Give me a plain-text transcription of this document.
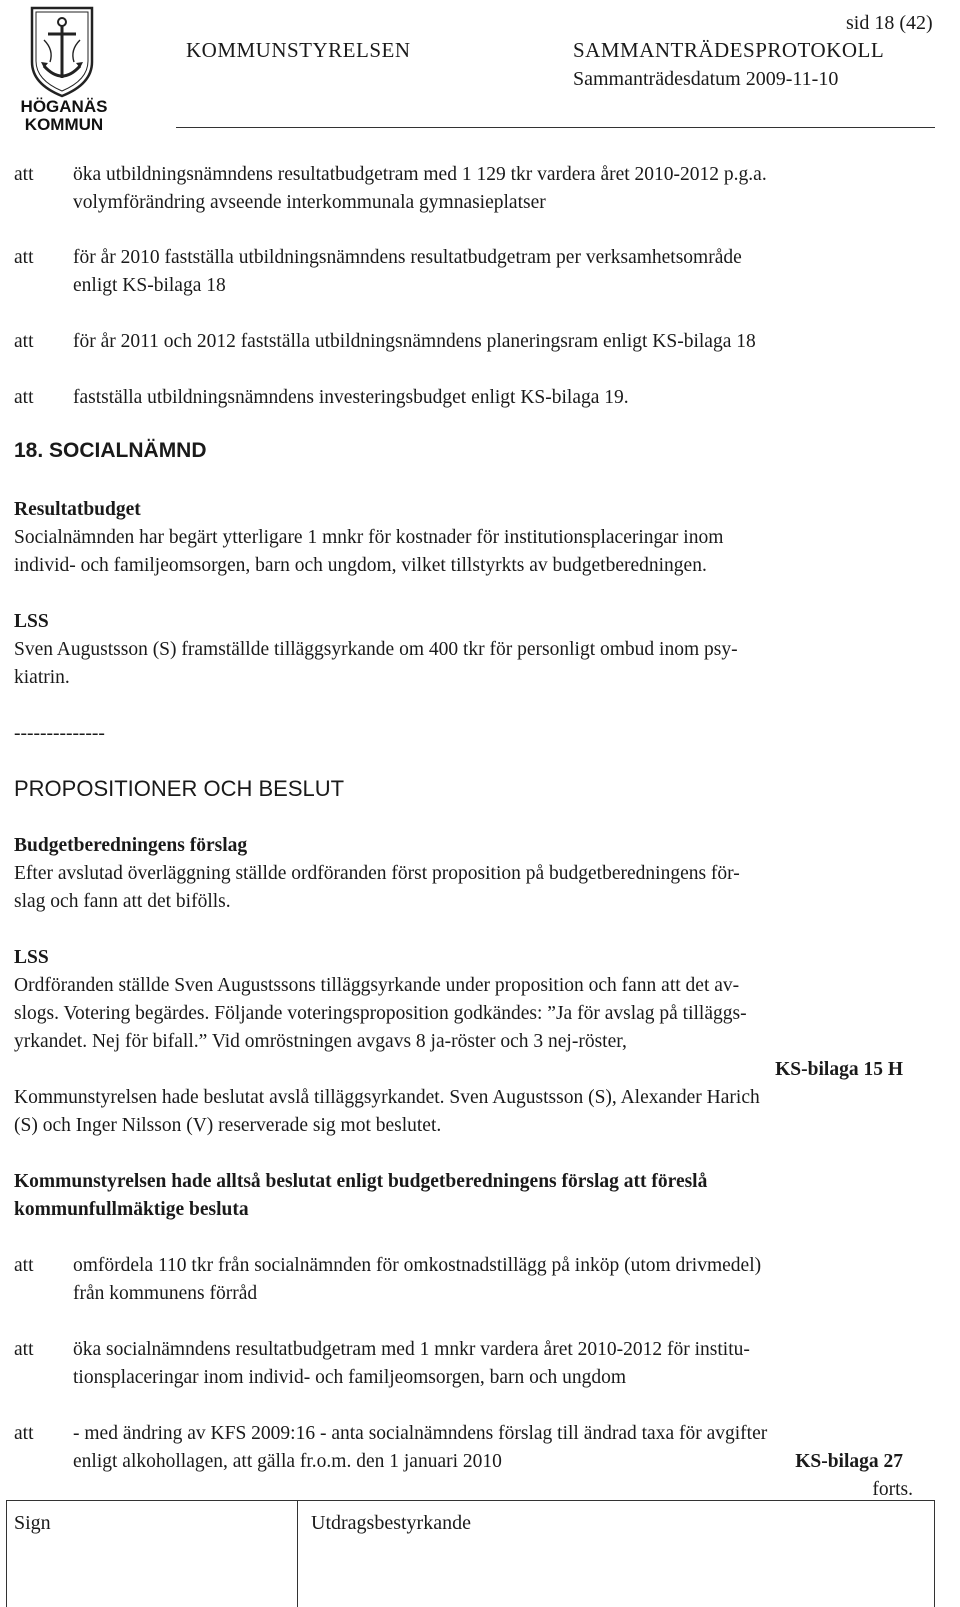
HÖGANÄS
KOMMUN
sid 18 (42)
KOMMUNSTYRELSEN	SAMMANTRÄDESPROTOKOLL
Sammanträdesdatum 2009-11-10
att öka utbildningsnämndens resultatbudgetram med 1 129 tkr vardera året 2010-2012 p.g.a.
volymförändring avseende interkommunala gymnasieplatser
att för år 2010 fastställa utbildningsnämndens resultatbudgetram per verksamhetsområde
enligt KS-bilaga 18
att för år 2011 och 2012 fastställa utbildningsnämndens planeringsram enligt KS-bilaga 18
att fastställa utbildningsnämndens investeringsbudget enligt KS-bilaga 19.
18. SOCIALNÄMND
Resultatbudget
Socialnämnden har begärt ytterligare 1 mnkr för kostnader för institutionsplaceringar inom
individ- och familjeomsorgen, barn och ungdom, vilket tillstyrkts av budgetberedningen.
LSS
Sven Augustsson (S) framställde tilläggsyrkande om 400 tkr för personligt ombud inom psy-
kiatrin.
--------------
PROPOSITIONER OCH BESLUT
Budgetberedningens förslag
Efter avslutad överläggning ställde ordföranden först proposition på budgetberedningens för-
slag och fann att det bifölls.
LSS
Ordföranden ställde Sven Augustssons tilläggsyrkande under proposition och fann att det av-
slogs. Votering begärdes. Följande voteringsproposition godkändes: ”Ja för avslag på tilläggs-
yrkandet. Nej för bifall.” Vid omröstningen avgavs 8 ja-röster och 3 nej-röster,
KS-bilaga 15 H
Kommunstyrelsen hade beslutat avslå tilläggsyrkandet. Sven Augustsson (S), Alexander Harich
(S) och Inger Nilsson (V) reserverade sig mot beslutet.
Kommunstyrelsen hade alltså beslutat enligt budgetberedningens förslag att föreslå
kommunfullmäktige besluta
att omfördela 110 tkr från socialnämnden för omkostnadstillägg på inköp (utom drivmedel)
från kommunens förråd
att öka socialnämndens resultatbudgetram med 1 mnkr vardera året 2010-2012 för institu-
tionsplaceringar inom individ- och familjeomsorgen, barn och ungdom
att - med ändring av KFS 2009:16 - anta socialnämndens förslag till ändrad taxa för avgifter
enligt alkohollagen, att gälla fr.o.m. den 1 januari 2010	KS-bilaga 27
forts.
Sign	Utdragsbestyrkande
